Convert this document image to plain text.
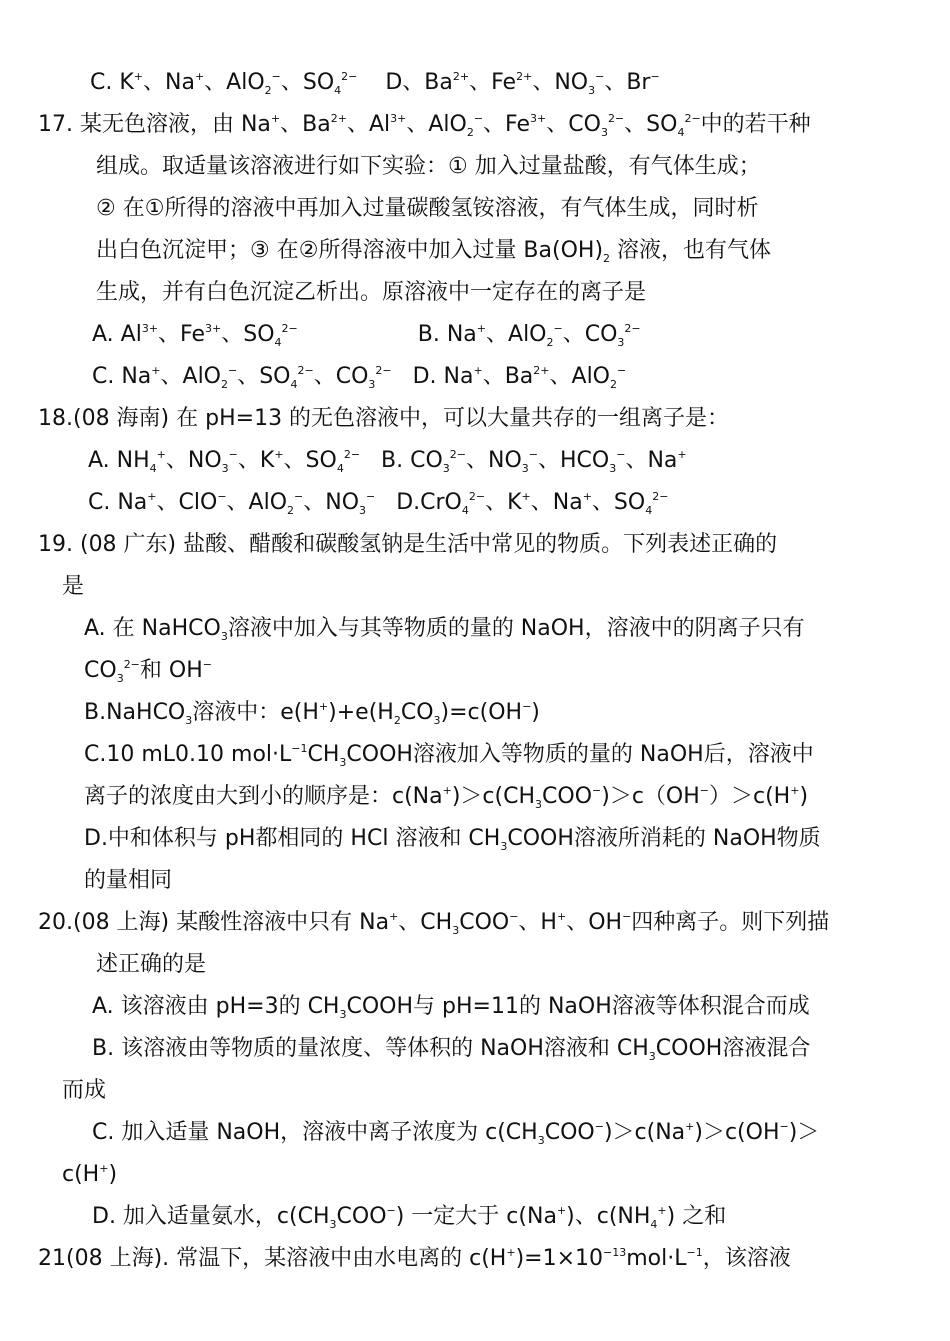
C. K+、Na+、AlO$_2$−、$SO_4^{2-}$    D、$Ba^{2+}$、$Fe^{2+}$、$NO_3^-$、Br−
17. 某无色溶液，由 Na+、$Ba^{2+}$、$Al^{3+}$、AlO$_2$−、$Fe^{3+}$、$CO_3^{2-}$、$SO_4^{2-}$中的若干种
组成。取适量该溶液进行如下实验：① 加入过量盐酸，有气体生成；
② 在①所得的溶液中再加入过量碳酸氢铵溶液，有气体生成，同时析
出白色沉淀甲；③ 在②所得溶液中加入过量 $Ba(OH)_2$ 溶液，也有气体
生成，并有白色沉淀乙析出。原溶液中一定存在的离子是
A. $Al^{3+}$、$Fe^{3+}$、$SO_4^{2-}$	B. Na+、AlO$_2$−、$CO_3^{2-}$
C. Na+、AlO$_2$−、$SO_4^{2-}$、$CO_3^{2-}$   D. Na+、$Ba^{2+}$、AlO$_2$−
18.(08 海南) 在 pH=13 的无色溶液中，可以大量共存的一组离子是：
A. $NH_4^+$、$NO_3^-$、K+、$SO_4^{2-}$   B. $CO_3^{2-}$、$NO_3^-$、$HCO_3^-$、Na+
C. Na+、ClO−、AlO$_2$−、$NO_3^-$   D.CrO$_4^{2-}$、K+、Na+、$SO_4^{2-}$
19. (08 广东) 盐酸、醋酸和碳酸氢钠是生活中常见的物质。下列表述正确的
是
A. 在 NaHCO$_3$溶液中加入与其等物质的量的 NaOH，溶液中的阴离子只有
$CO_3^{2-}$和 OH−
B.NaHCO$_3$溶液中：$e(H^+)+e(H_2CO_3)=c(OH^-)$
C.10 mL0.10 $mol\cdot L^{-1}CH_3COOH$溶液加入等物质的量的 NaOH后，溶液中
离子的浓度由大到小的顺序是：$c(Na^+)>c(CH_3COO^-)>c(OH^-)>c(H^+)$
D.中和体积与 pH都相同的 HCl 溶液和 $CH_3COOH$溶液所消耗的 NaOH物质
的量相同
20.(08 上海) 某酸性溶液中只有 Na+、$CH_3COO^-$、H+、OH−四种离子。则下列描
述正确的是
A. 该溶液由 pH=3的 $CH_3COOH$与 pH=11的 NaOH溶液等体积混合而成
B. 该溶液由等物质的量浓度、等体积的 NaOH溶液和 $CH_3COOH$溶液混合
而成
C. 加入适量 NaOH，溶液中离子浓度为 $c(CH_3COO^-)>c(Na^+)>c(OH^-)>$
c(H+)
D. 加入适量氨水，$c(CH_3COO^-)$ 一定大于 c(Na+)、$c(NH_4^+)$ 之和
21(08 上海). 常温下，某溶液中由水电离的 $c(H^+)=1\times 10^{-13}mol\cdot L^{-1}$，该溶液
